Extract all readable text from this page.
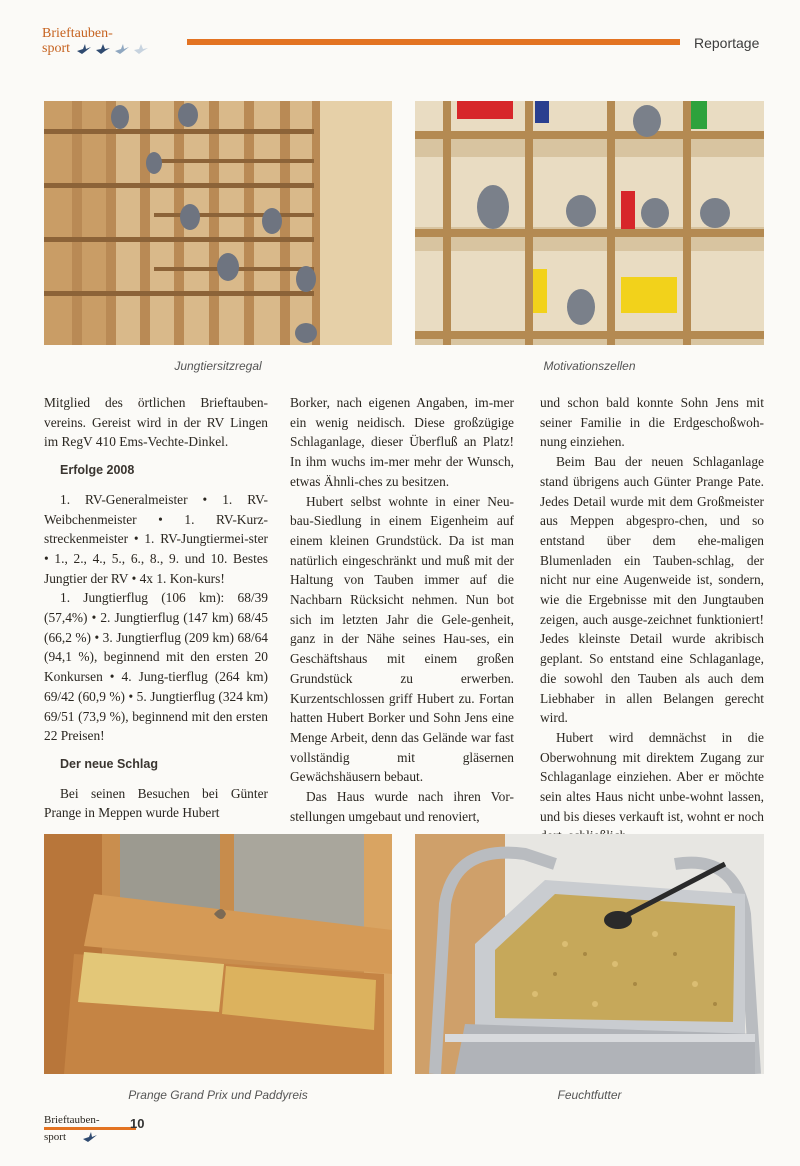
Brieftauben-
sport	Reportage
Jungtiersitzregal	Motivationszellen

Mitglied des örtlichen Brieftauben-vereins. Gereist wird in der RV Lingen im RegV 410 Ems-Vechte-Dinkel.

Erfolge 2008

1. RV-Generalmeister • 1. RV-Weibchenmeister • 1. RV-Kurz-streckenmeister • 1. RV-Jungtiermei-ster • 1., 2., 4., 5., 6., 8., 9. und 10. Bestes Jungtier der RV • 4x 1. Kon-kurs!

1. Jungtierflug (106 km): 68/39 (57,4%) • 2. Jungtierflug (147 km) 68/45 (66,2 %) • 3. Jungtierflug (209 km) 68/64 (94,1 %), beginnend mit den ersten 20 Konkursen • 4. Jung-tierflug (264 km) 69/42 (60,9 %) • 5. Jungtierflug (324 km) 69/51 (73,9 %), beginnend mit den ersten 22 Preisen!

Der neue Schlag

Bei seinen Besuchen bei Günter Prange in Meppen wurde Hubert

Borker, nach eigenen Angaben, im-mer ein wenig neidisch. Diese großzügige Schlaganlage, dieser Überfluß an Platz! In ihm wuchs im-mer mehr der Wunsch, etwas Ähnli-ches zu besitzen.

Hubert selbst wohnte in einer Neu-bau-Siedlung in einem Eigenheim auf einem kleinen Grundstück. Da ist man natürlich eingeschränkt und muß mit der Haltung von Tauben immer auf die Nachbarn Rücksicht nehmen. Nun bot sich im letzten Jahr die Gele-genheit, ganz in der Nähe seines Hau-ses, ein Geschäftshaus mit einem großen Grundstück zu erwerben. Kurzentschlossen griff Hubert zu. Fortan hatten Hubert Borker und Sohn Jens eine Menge Arbeit, denn das Gelände war fast vollständig mit gläsernen Gewächshäusern bebaut.

Das Haus wurde nach ihren Vor-stellungen umgebaut und renoviert,

und schon bald konnte Sohn Jens mit seiner Familie in die Erdgeschoßwoh-nung einziehen.

Beim Bau der neuen Schlaganlage stand übrigens auch Günter Prange Pate. Jedes Detail wurde mit dem Großmeister aus Meppen abgespro-chen, und so entstand über dem ehe-maligen Blumenladen ein Tauben-schlag, der nicht nur eine Augenweide ist, sondern, wie die Ergebnisse mit den Jungtauben zeigen, auch ausge-zeichnet funktioniert! Jedes kleinste Detail wurde akribisch geplant. So entstand eine Schlaganlage, die sowohl den Tauben als auch dem Liebhaber in allen Belangen gerecht wird.

Hubert wird demnächst in die Oberwohnung mit direktem Zugang zur Schlaganlage einziehen. Aber er möchte sein altes Haus nicht unbe-wohnt lassen, und bis dieses verkauft ist, wohnt er noch

Prange Grand Prix und Paddyreis	Feuchtfutter
Brieftauben-
sport
10
